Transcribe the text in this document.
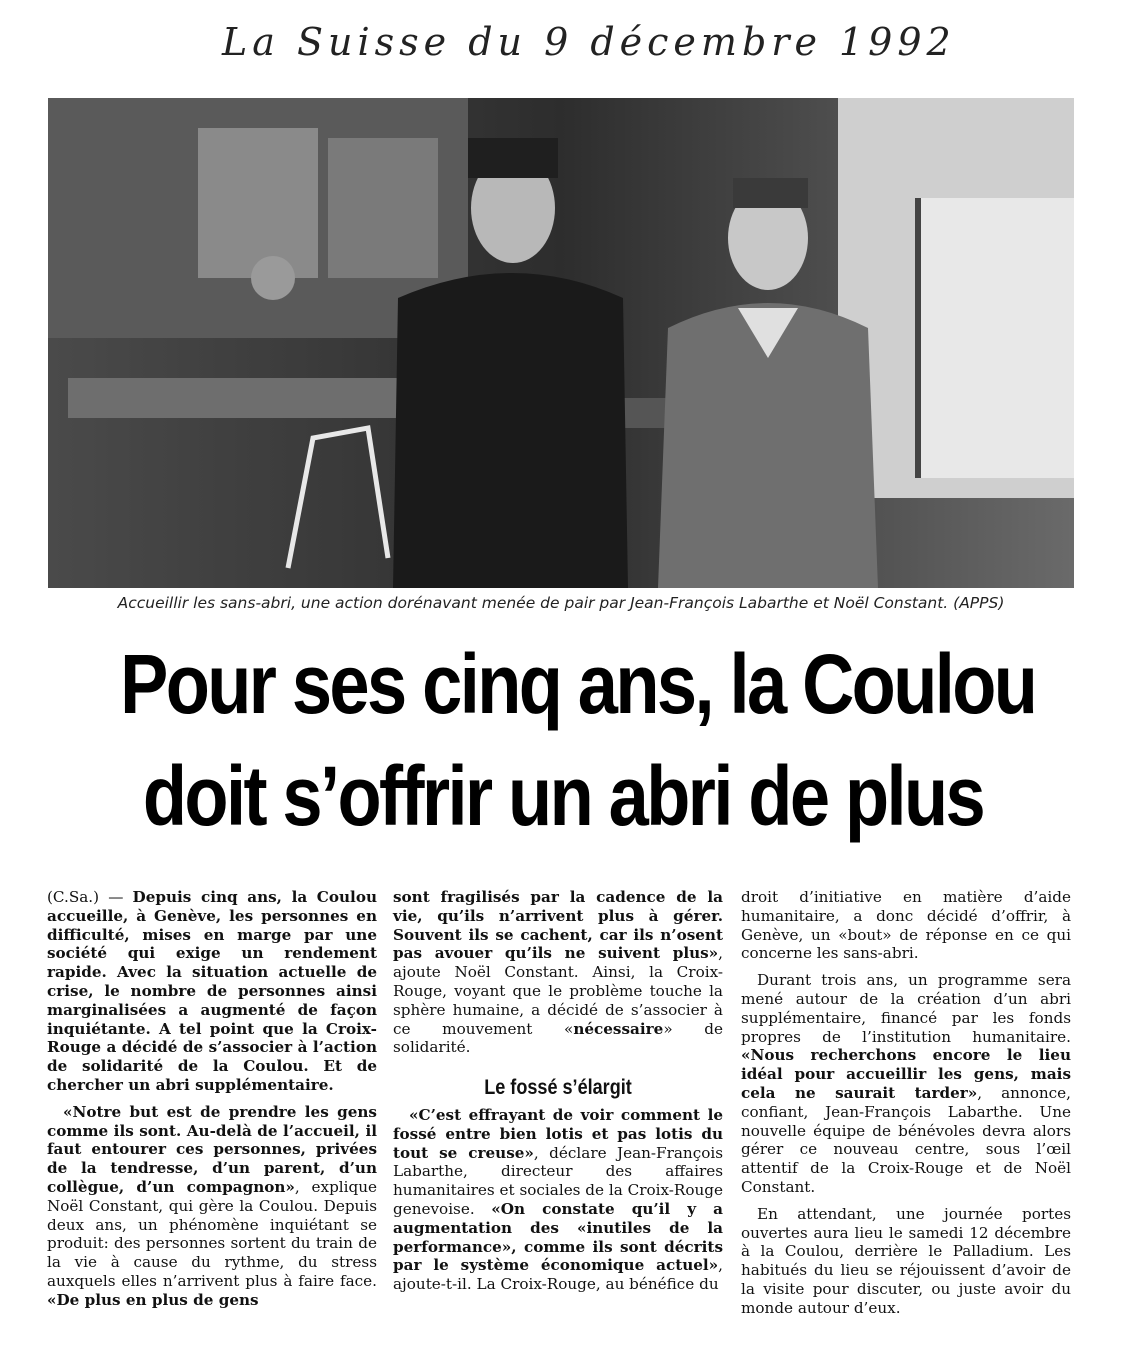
La Suisse du 9 décembre 1992
Accueillir les sans-abri, une action dorénavant menée de pair par Jean-François Labarthe et Noël Constant. (APPS)
Pour ses cinq ans, la Coulou
doit s’offrir un abri de plus

(C.Sa.) — Depuis cinq ans, la Coulou accueille, à Genève, les personnes en difficulté, mises en marge par une société qui exige un rendement rapide. Avec la situation actuelle de crise, le nombre de personnes ainsi marginalisées a augmenté de façon inquiétante. A tel point que la Croix-Rouge a décidé de s’associer à l’action de solidarité de la Coulou. Et de chercher un abri supplémentaire.

«Notre but est de prendre les gens comme ils sont. Au-delà de l’accueil, il faut entourer ces personnes, privées de la tendresse, d’un parent, d’un collègue, d’un compagnon», explique Noël Constant, qui gère la Coulou. Depuis deux ans, un phénomène inquiétant se produit: des personnes sortent du train de la vie à cause du rythme, du stress auxquels elles n’arrivent plus à faire face. «De plus en plus de gens

sont fragilisés par la cadence de la vie, qu’ils n’arrivent plus à gérer. Souvent ils se cachent, car ils n’osent pas avouer qu’ils ne suivent plus», ajoute Noël Constant. Ainsi, la Croix-Rouge, voyant que le problème touche la sphère humaine, a décidé de s’associer à ce mouvement «nécessaire» de solidarité.

Le fossé s’élargit

«C’est effrayant de voir comment le fossé entre bien lotis et pas lotis du tout se creuse», déclare Jean-François Labarthe, directeur des affaires humanitaires et sociales de la Croix-Rouge genevoise. «On constate qu’il y a augmentation des «inutiles de la performance», comme ils sont décrits par le système économique actuel», ajoute-t-il. La Croix-Rouge, au bénéfice du

droit d’initiative en matière d’aide humanitaire, a donc décidé d’offrir, à Genève, un «bout» de réponse en ce qui concerne les sans-abri.

Durant trois ans, un programme sera mené autour de la création d’un abri supplémentaire, financé par les fonds propres de l’institution humanitaire. «Nous recherchons encore le lieu idéal pour accueillir les gens, mais cela ne saurait tarder», annonce, confiant, Jean-François Labarthe. Une nouvelle équipe de bénévoles devra alors gérer ce nouveau centre, sous l’œil attentif de la Croix-Rouge et de Noël Constant.

En attendant, une journée portes ouvertes aura lieu le samedi 12 décembre à la Coulou, derrière le Palladium. Les habitués du lieu se réjouissent d’avoir de la visite pour discuter, ou juste avoir du monde autour d’eux.
